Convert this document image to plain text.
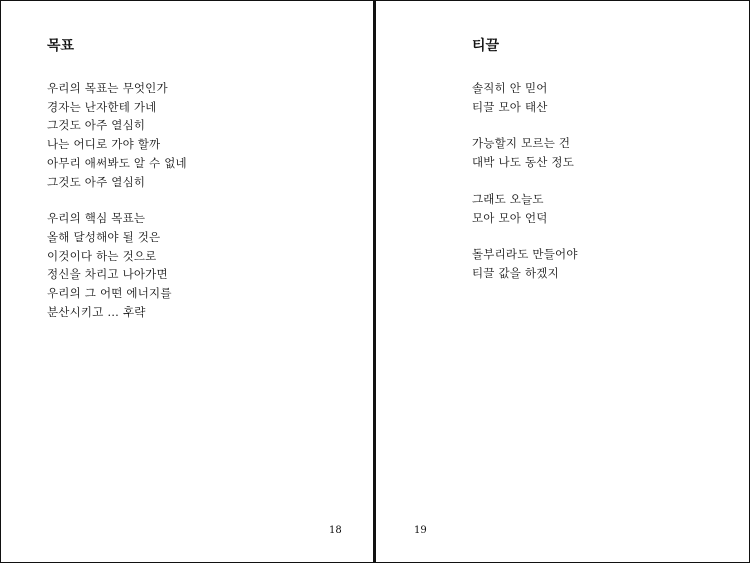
목표
우리의 목표는 무엇인가
경자는 난자한테 가네
그것도 아주 열심히
나는 어디로 가야 할까
아무리 애써봐도 알 수 없네
그것도 아주 열심히
우리의 핵심 목표는
올해 달성해야 될 것은
이것이다 하는 것으로
정신을 차리고 나아가면
우리의 그 어떤 에너지를
분산시키고 … 후략
18
티끌
솔직히 안 믿어
티끌 모아 태산
가능할지 모르는 건
대박 나도 동산 정도
그래도 오늘도
모아 모아 언덕
돌부리라도 만들어야
티끌 값을 하겠지
19
